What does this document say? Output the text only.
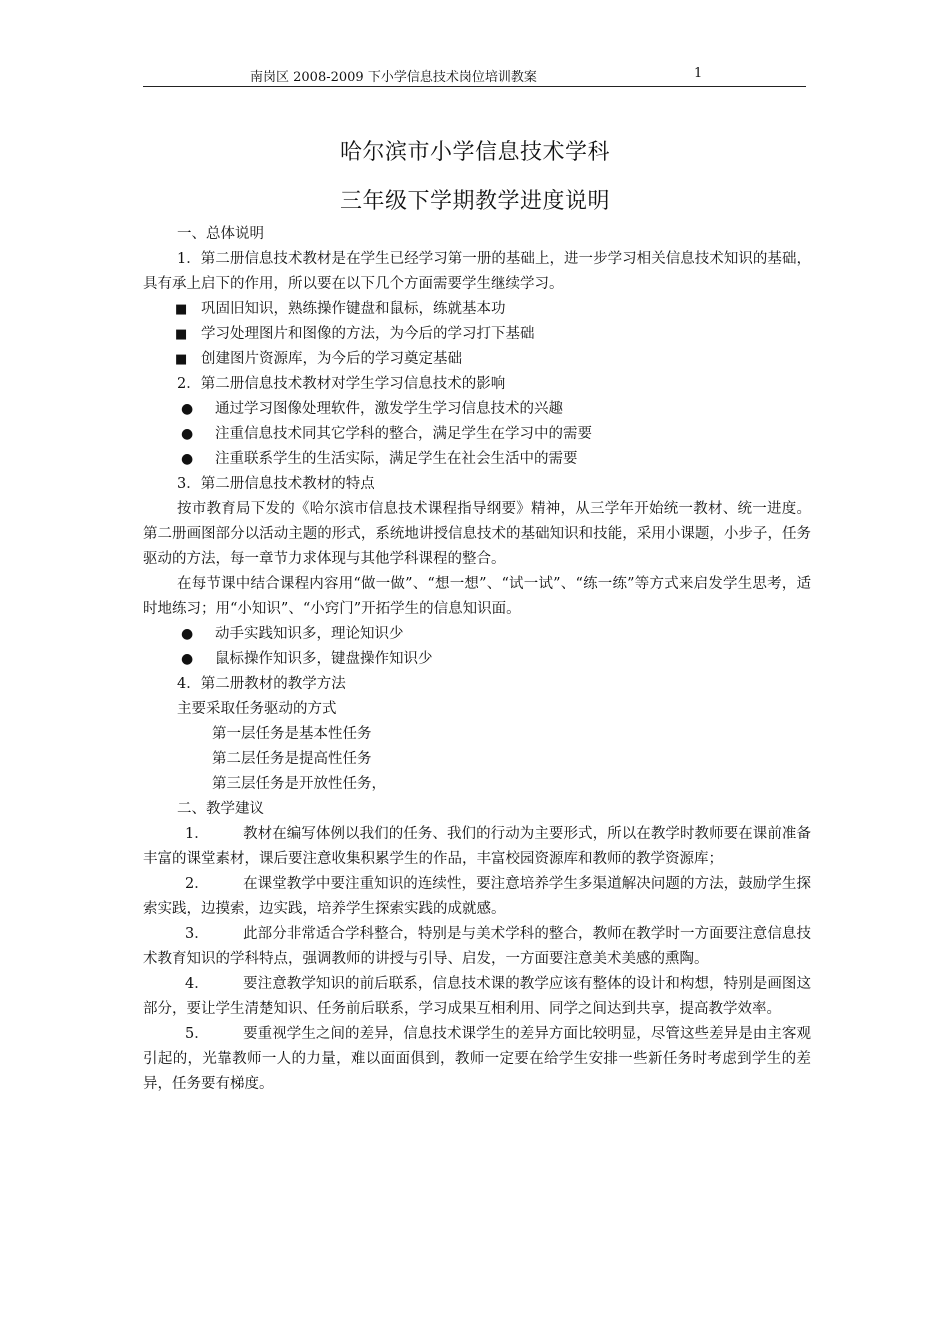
南岗区 2008-2009 下小学信息技术岗位培训教案	1
哈尔滨市小学信息技术学科
三年级下学期教学进度说明

一、总体说明

1．第二册信息技术教材是在学生已经学习第一册的基础上，进一步学习相关信息技术知识的基础，具有承上启下的作用，所以要在以下几个方面需要学生继续学习。

■ 巩固旧知识，熟练操作键盘和鼠标，练就基本功

■ 学习处理图片和图像的方法，为今后的学习打下基础

■ 创建图片资源库，为今后的学习奠定基础

2．第二册信息技术教材对学生学习信息技术的影响

● 通过学习图像处理软件，激发学生学习信息技术的兴趣

● 注重信息技术同其它学科的整合，满足学生在学习中的需要

● 注重联系学生的生活实际，满足学生在社会生活中的需要

3．第二册信息技术教材的特点

按市教育局下发的《哈尔滨市信息技术课程指导纲要》精神，从三学年开始统一教材、统一进度。第二册画图部分以活动主题的形式，系统地讲授信息技术的基础知识和技能，采用小课题，小步子，任务驱动的方法，每一章节力求体现与其他学科课程的整合。

在每节课中结合课程内容用“做一做”、“想一想”、“试一试”、“练一练”等方式来启发学生思考，适时地练习；用“小知识”、“小窍门”开拓学生的信息知识面。

● 动手实践知识多，理论知识少

● 鼠标操作知识多，键盘操作知识少

4．第二册教材的教学方法

主要采取任务驱动的方式

第一层任务是基本性任务

第二层任务是提高性任务

第三层任务是开放性任务，

二、教学建议

1． 教材在编写体例以我们的任务、我们的行动为主要形式，所以在教学时教师要在课前准备丰富的课堂素材，课后要注意收集积累学生的作品，丰富校园资源库和教师的教学资源库；

2． 在课堂教学中要注重知识的连续性，要注意培养学生多渠道解决问题的方法，鼓励学生探索实践，边摸索，边实践，培养学生探索实践的成就感。

3． 此部分非常适合学科整合，特别是与美术学科的整合，教师在教学时一方面要注意信息技术教育知识的学科特点，强调教师的讲授与引导、启发，一方面要注意美术美感的熏陶。

4． 要注意教学知识的前后联系，信息技术课的教学应该有整体的设计和构想，特别是画图这部分，要让学生清楚知识、任务前后联系，学习成果互相利用、同学之间达到共享，提高教学效率。

5． 要重视学生之间的差异，信息技术课学生的差异方面比较明显，尽管这些差异是由主客观引起的，光靠教师一人的力量，难以面面俱到，教师一定要在给学生安排一些新任务时考虑到学生的差异，任务要有梯度。
